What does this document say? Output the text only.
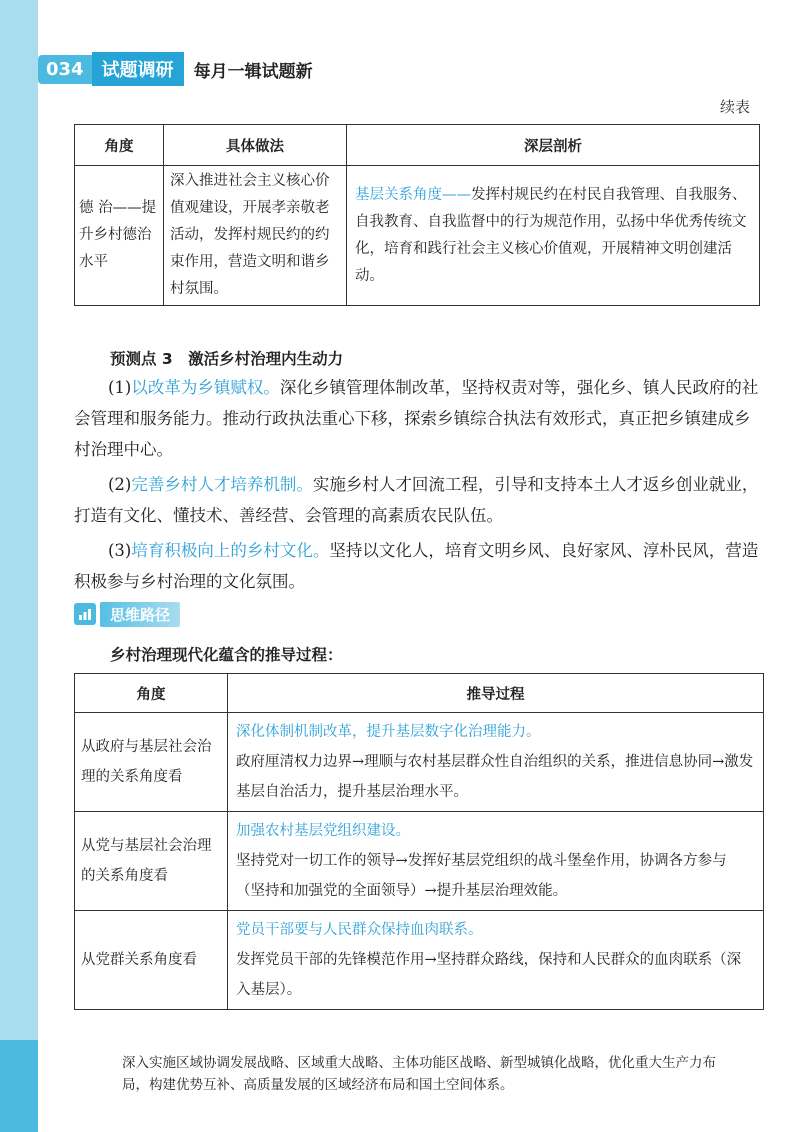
034	试题调研	每月一辑试题新
续表
角度	具体做法	深层剖析
德 治——提升乡村德治水平	深入推进社会主义核心价值观建设，开展孝亲敬老活动，发挥村规民约的约束作用，营造文明和谐乡村氛围。	基层关系角度——发挥村规民约在村民自我管理、自我服务、自我教育、自我监督中的行为规范作用，弘扬中华优秀传统文化，培育和践行社会主义核心价值观，开展精神文明创建活动。
预测点 3　激活乡村治理内生动力
(1)以改革为乡镇赋权。深化乡镇管理体制改革，坚持权责对等，强化乡、镇人民政府的社会管理和服务能力。推动行政执法重心下移，探索乡镇综合执法有效形式，真正把乡镇建成乡村治理中心。
(2)完善乡村人才培养机制。实施乡村人才回流工程，引导和支持本土人才返乡创业就业，打造有文化、懂技术、善经营、会管理的高素质农民队伍。
(3)培育积极向上的乡村文化。坚持以文化人，培育文明乡风、良好家风、淳朴民风，营造积极参与乡村治理的文化氛围。
思维路径
乡村治理现代化蕴含的推导过程：
角度	推导过程
从政府与基层社会治理的关系角度看	深化体制机制改革，提升基层数字化治理能力。
政府厘清权力边界→理顺与农村基层群众性自治组织的关系，推进信息协同→激发基层自治活力，提升基层治理水平。

从党与基层社会治理的关系角度看	加强农村基层党组织建设。
坚持党对一切工作的领导→发挥好基层党组织的战斗堡垒作用，协调各方参与（坚持和加强党的全面领导）→提升基层治理效能。

从党群关系角度看	党员干部要与人民群众保持血肉联系。
发挥党员干部的先锋模范作用→坚持群众路线，保持和人民群众的血肉联系（深入基层）。
深入实施区域协调发展战略、区域重大战略、主体功能区战略、新型城镇化战略，优化重大生产力布局，构建优势互补、高质量发展的区域经济布局和国土空间体系。
